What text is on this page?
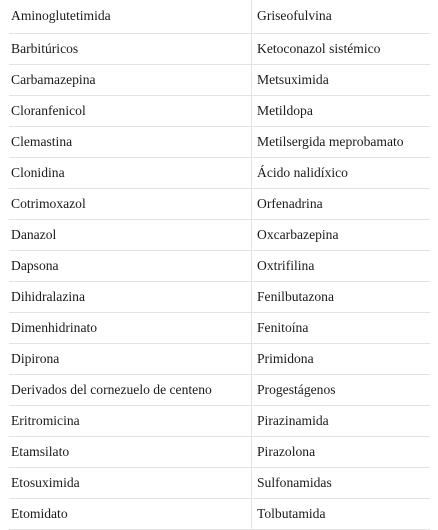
Aminoglutetimida	Griseofulvina
Barbitúricos	Ketoconazol sistémico
Carbamazepina	Metsuximida
Cloranfenicol	Metildopa
Clemastina	Metilsergida meprobamato
Clonidina	Ácido nalidíxico
Cotrimoxazol	Orfenadrina
Danazol	Oxcarbazepina
Dapsona	Oxtrifilina
Dihidralazina	Fenilbutazona
Dimenhidrinato	Fenitoína
Dipirona	Primidona
Derivados del cornezuelo de centeno	Progestágenos
Eritromicina	Pirazinamida
Etamsilato	Pirazolona
Etosuximida	Sulfonamidas
Etomidato	Tolbutamida
